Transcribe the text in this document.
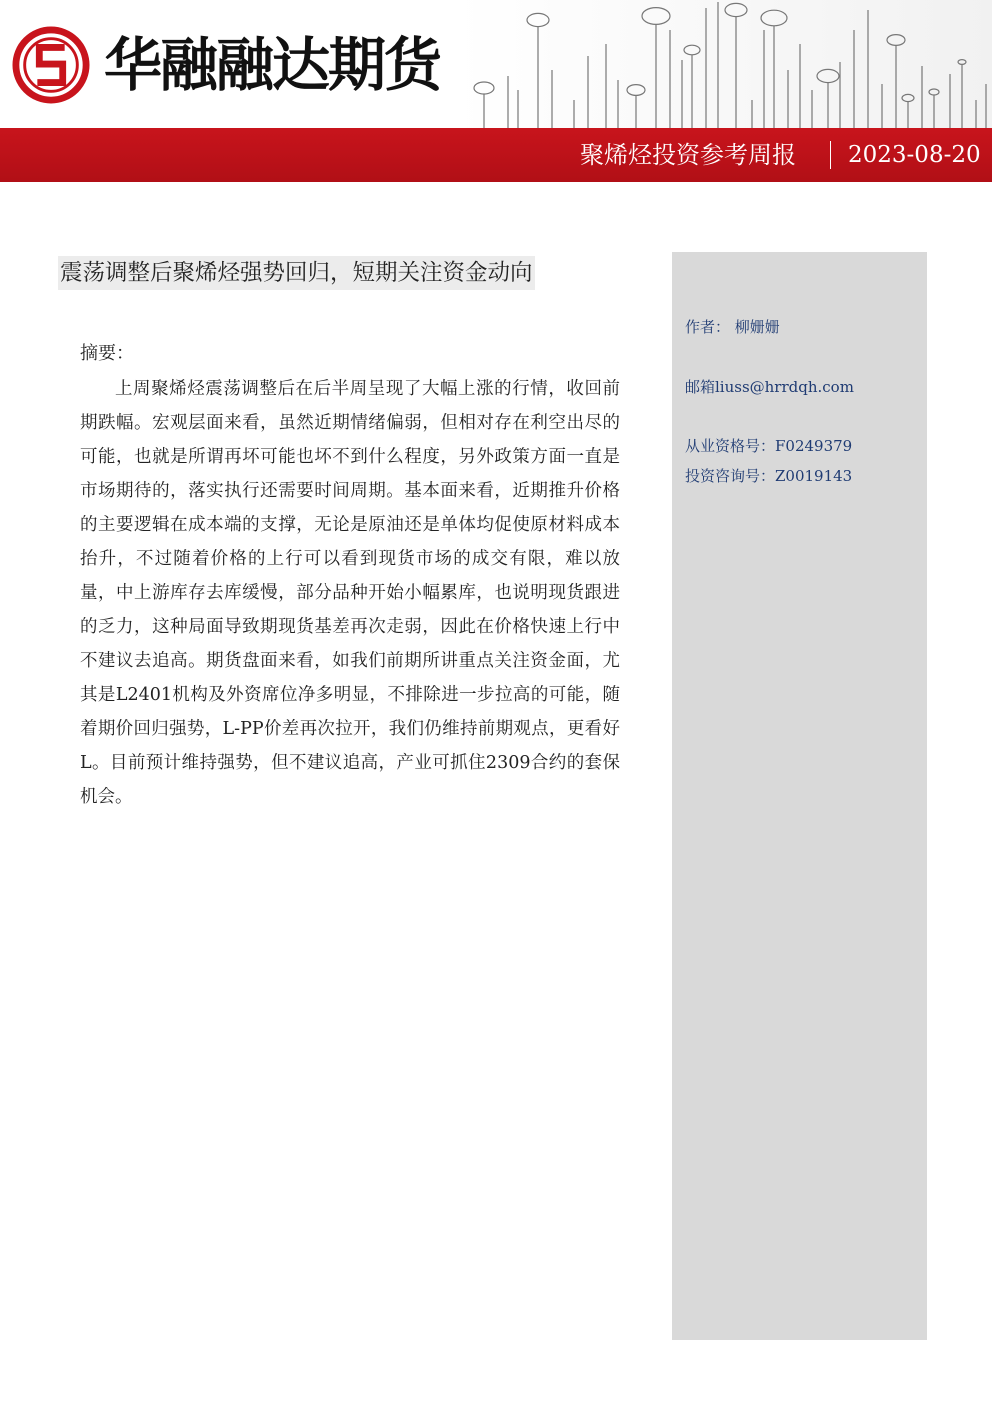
华融融达期货
聚烯烃投资参考周报 2023-08-20
震荡调整后聚烯烃强势回归，短期关注资金动向
摘要：

上周聚烯烃震荡调整后在后半周呈现了大幅上涨的行情，收回前期跌幅。宏观层面来看，虽然近期情绪偏弱，但相对存在利空出尽的可能，也就是所谓再坏可能也坏不到什么程度，另外政策方面一直是市场期待的，落实执行还需要时间周期。基本面来看，近期推升价格的主要逻辑在成本端的支撑，无论是原油还是单体均促使原材料成本抬升，不过随着价格的上行可以看到现货市场的成交有限，难以放量，中上游库存去库缓慢，部分品种开始小幅累库，也说明现货跟进的乏力，这种局面导致期现货基差再次走弱，因此在价格快速上行中不建议去追高。期货盘面来看，如我们前期所讲重点关注资金面，尤其是L2401机构及外资席位净多明显，不排除进一步拉高的可能，随着期价回归强势，L-PP价差再次拉开，我们仍维持前期观点，更看好L。目前预计维持强势，但不建议追高，产业可抓住2309合约的套保机会。

作者： 柳姗姗
邮箱liuss@hrrdqh.com
从业资格号：F0249379
投资咨询号：Z0019143
